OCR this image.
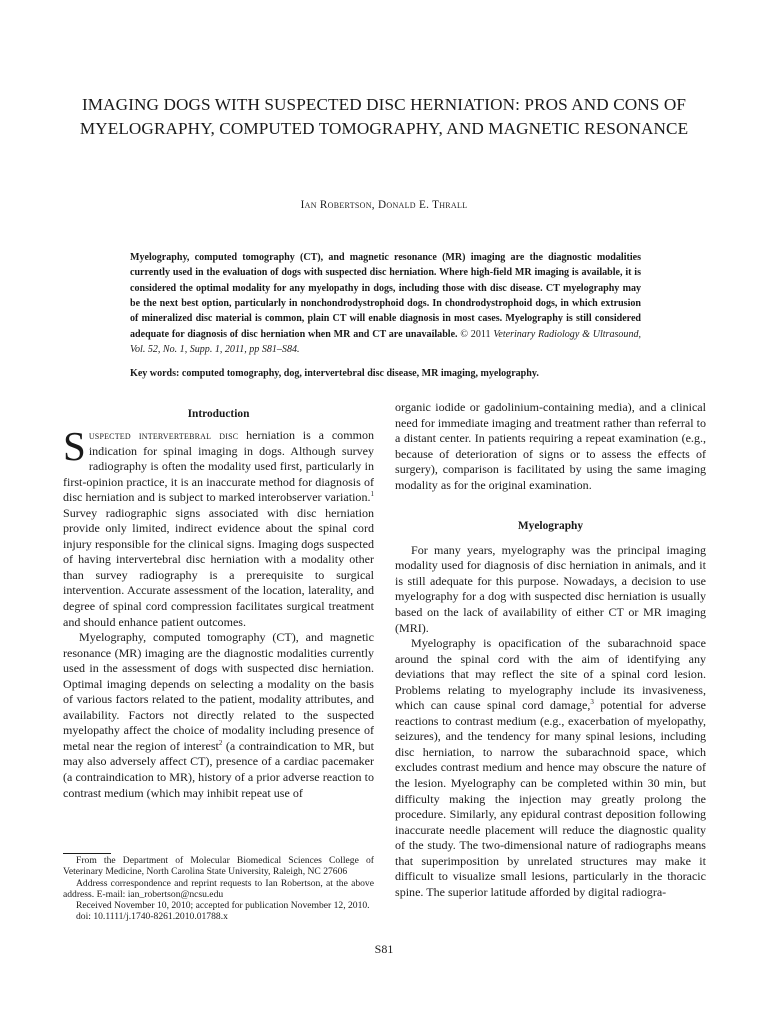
IMAGING DOGS WITH SUSPECTED DISC HERNIATION: PROS AND CONS OF MYELOGRAPHY, COMPUTED TOMOGRAPHY, AND MAGNETIC RESONANCE
Ian Robertson, Donald E. Thrall
Myelography, computed tomography (CT), and magnetic resonance (MR) imaging are the diagnostic modalities currently used in the evaluation of dogs with suspected disc herniation. Where high-field MR imaging is available, it is considered the optimal modality for any myelopathy in dogs, including those with disc disease. CT myelography may be the next best option, particularly in nonchondrodystrophoid dogs. In chondrodystrophoid dogs, in which extrusion of mineralized disc material is common, plain CT will enable diagnosis in most cases. Myelography is still considered adequate for diagnosis of disc herniation when MR and CT are unavailable. © 2011 Veterinary Radiology & Ultrasound, Vol. 52, No. 1, Supp. 1, 2011, pp S81–S84.
Key words: computed tomography, dog, intervertebral disc disease, MR imaging, myelography.
Introduction

Suspected intervertebral disc herniation is a common indication for spinal imaging in dogs. Although survey radiography is often the modality used first, particularly in first-opinion practice, it is an inaccurate method for diagnosis of disc herniation and is subject to marked interobserver variation.$^1$ Survey radiographic signs associated with disc herniation provide only limited, indirect evidence about the spinal cord injury responsible for the clinical signs. Imaging dogs suspected of having intervertebral disc herniation with a modality other than survey radiography is a prerequisite to surgical intervention. Accurate assessment of the location, laterality, and degree of spinal cord compression facilitates surgical treatment and should enhance patient outcomes.

Myelography, computed tomography (CT), and magnetic resonance (MR) imaging are the diagnostic modalities currently used in the assessment of dogs with suspected disc herniation. Optimal imaging depends on selecting a modality on the basis of various factors related to the patient, modality attributes, and availability. Factors not directly related to the suspected myelopathy affect the choice of modality including presence of metal near the region of interest$^2$ (a contraindication to MR, but may also adversely affect CT), presence of a cardiac pacemaker (a contraindication to MR), history of a prior adverse reaction to contrast medium (which may inhibit repeat use of

organic iodide or gadolinium-containing media), and a clinical need for immediate imaging and treatment rather than referral to a distant center. In patients requiring a repeat examination (e.g., because of deterioration of signs or to assess the effects of surgery), comparison is facilitated by using the same imaging modality as for the original examination.

Myelography

For many years, myelography was the principal imaging modality used for diagnosis of disc herniation in animals, and it is still adequate for this purpose. Nowadays, a decision to use myelography for a dog with suspected disc herniation is usually based on the lack of availability of either CT or MR imaging (MRI).

Myelography is opacification of the subarachnoid space around the spinal cord with the aim of identifying any deviations that may reflect the site of a spinal cord lesion. Problems relating to myelography include its invasiveness, which can cause spinal cord damage,$^3$ potential for adverse reactions to contrast medium (e.g., exacerbation of myelopathy, seizures), and the tendency for many spinal lesions, including disc herniation, to narrow the subarachnoid space, which excludes contrast medium and hence may obscure the nature of the lesion. Myelography can be completed within 30 min, but difficulty making the injection may greatly prolong the procedure. Similarly, any epidural contrast deposition following inaccurate needle placement will reduce the diagnostic quality of the study. The two-dimensional nature of radiographs means that superimposition by unrelated structures may make it difficult to visualize small lesions, particularly in the thoracic spine. The superior latitude afforded by digital radiogra-

From the Department of Molecular Biomedical Sciences College of Veterinary Medicine, North Carolina State University, Raleigh, NC 27606

Address correspondence and reprint requests to Ian Robertson, at the above address. E-mail: ian_robertson@ncsu.edu

Received November 10, 2010; accepted for publication November 12, 2010.

doi: 10.1111/j.1740-8261.2010.01788.x

S81
